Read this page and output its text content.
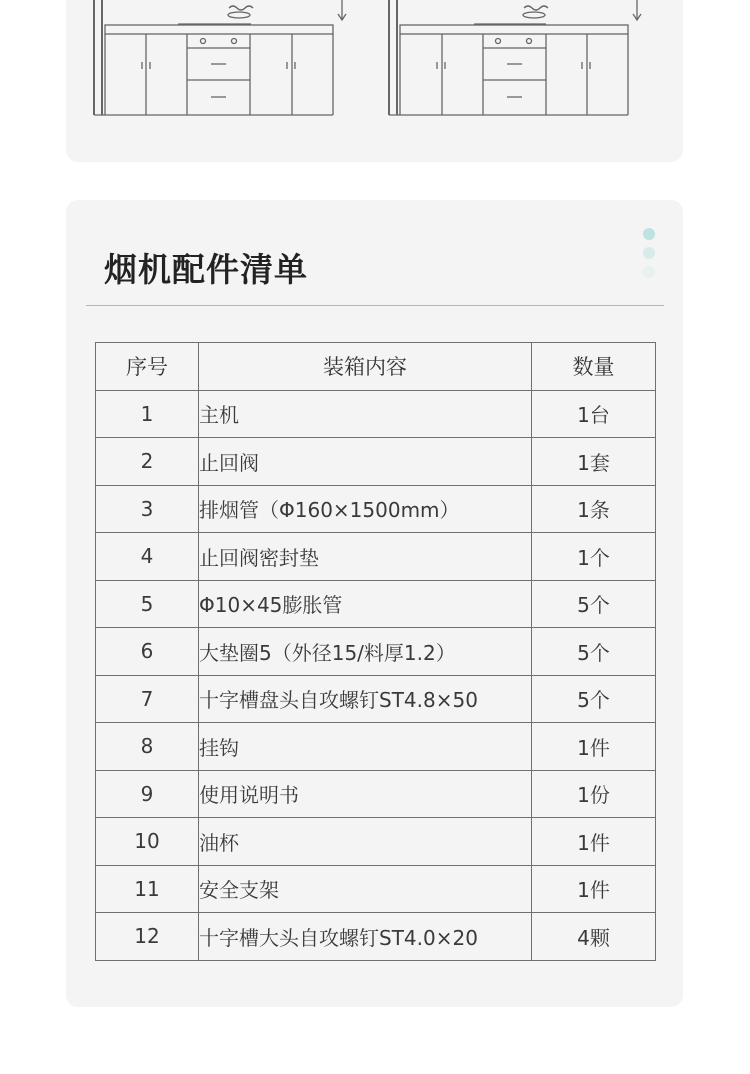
烟机配件清单
序号	装箱内容	数量
1	主机	1台
2	止回阀	1套
3	排烟管（Φ160×1500mm）	1条
4	止回阀密封垫	1个
5	Φ10×45膨胀管	5个
6	大垫圈5（外径15/料厚1.2）	5个
7	十字槽盘头自攻螺钉ST4.8×50	5个
8	挂钩	1件
9	使用说明书	1份
10	油杯	1件
11	安全支架	1件
12	十字槽大头自攻螺钉ST4.0×20	4颗
